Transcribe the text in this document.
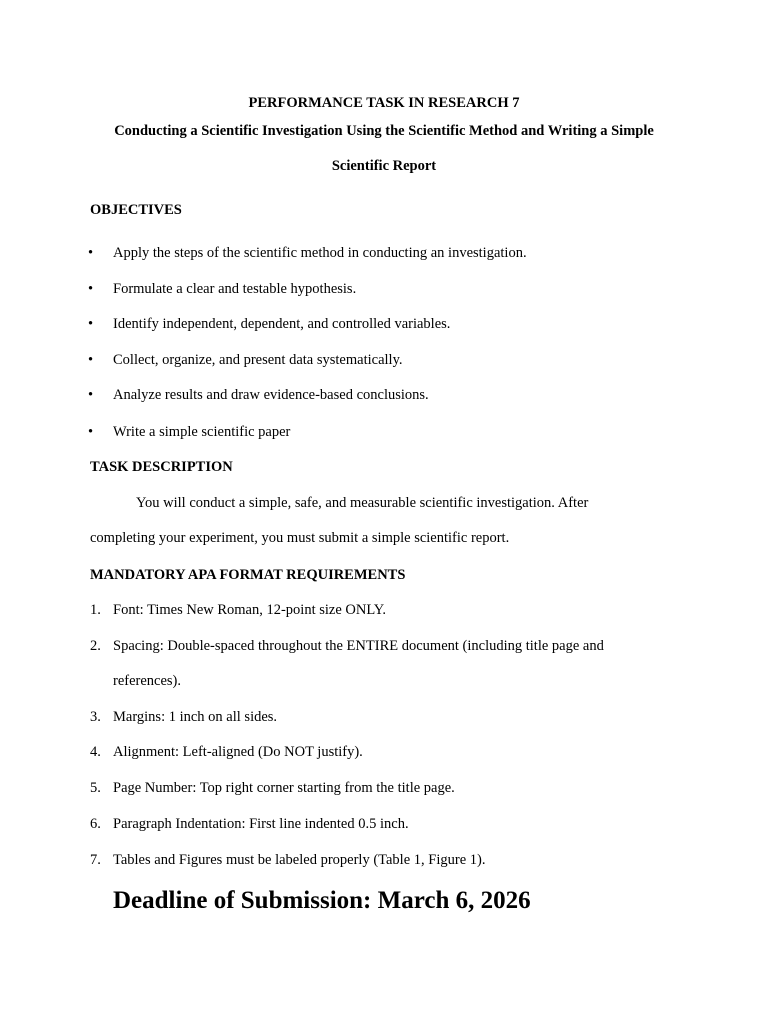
PERFORMANCE TASK IN RESEARCH 7
Conducting a Scientific Investigation Using the Scientific Method and Writing a Simple
Scientific Report
OBJECTIVES
• Apply the steps of the scientific method in conducting an investigation.
• Formulate a clear and testable hypothesis.
• Identify independent, dependent, and controlled variables.
• Collect, organize, and present data systematically.
• Analyze results and draw evidence-based conclusions.
• Write a simple scientific paper
TASK DESCRIPTION
You will conduct a simple, safe, and measurable scientific investigation. After
completing your experiment, you must submit a simple scientific report.
MANDATORY APA FORMAT REQUIREMENTS
1. Font: Times New Roman, 12-point size ONLY.
2. Spacing: Double-spaced throughout the ENTIRE document (including title page and
references).
3. Margins: 1 inch on all sides.
4. Alignment: Left-aligned (Do NOT justify).
5. Page Number: Top right corner starting from the title page.
6. Paragraph Indentation: First line indented 0.5 inch.
7. Tables and Figures must be labeled properly (Table 1, Figure 1).
Deadline of Submission: March 6, 2026
